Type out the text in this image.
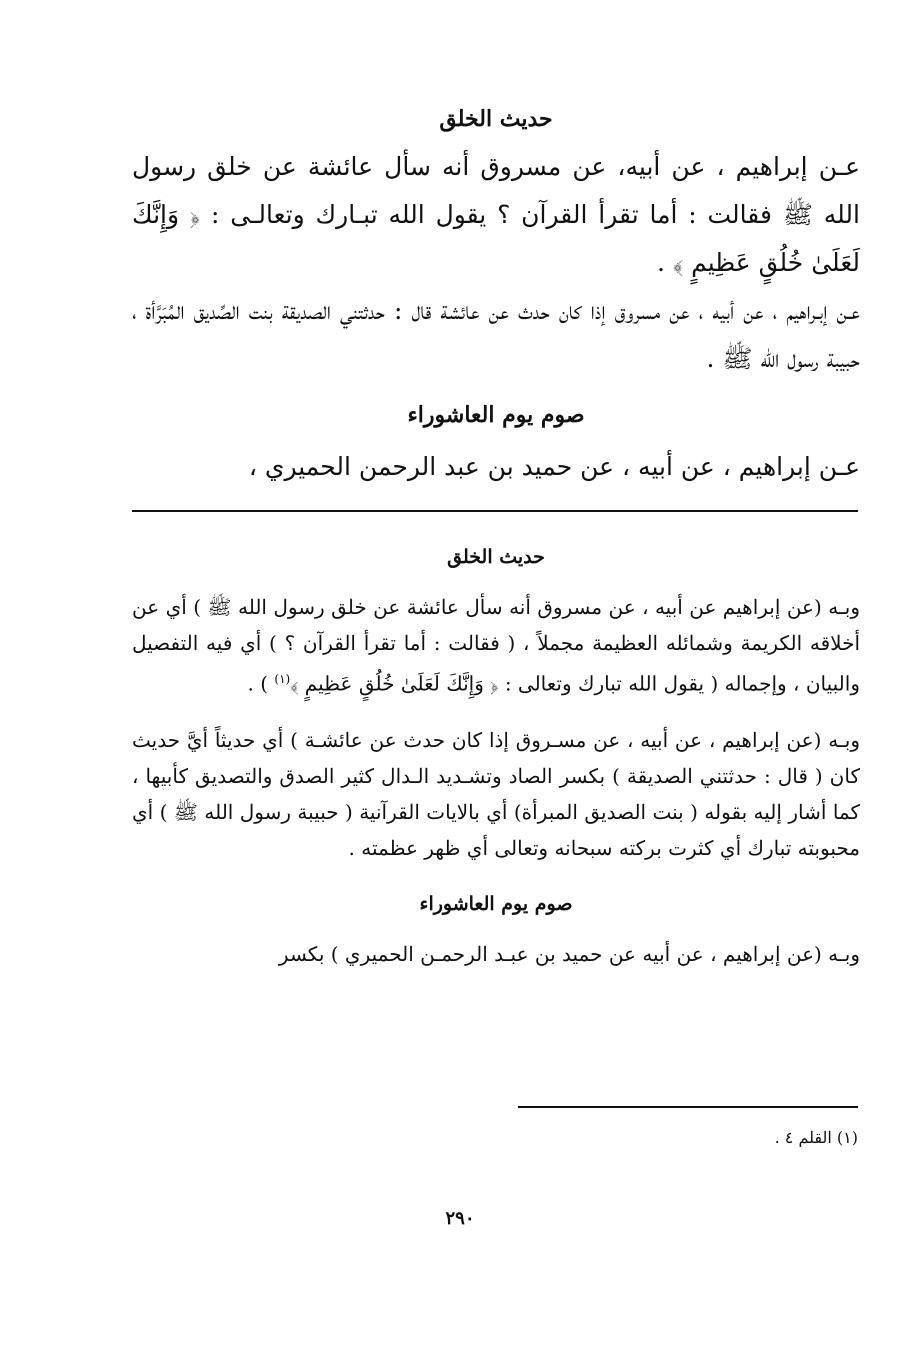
حديث الخلق

عـن إبراهيم ، عن أبيه، عن مسروق أنه سأل عائشة عن خلق رسول الله ﷺ فقالت : أما تقرأ القرآن ؟ يقول الله تبـارك وتعالـى : ﴿ وَإِنَّكَ لَعَلَىٰ خُلُقٍ عَظِيمٍ ﴾ .

عـن إبـراهيم ، عن أبيه ، عن مسروق إذا كان حدث عن عائشة قال : حدثتني الصديقة بنت الصِّديق المُبَرَّأة ، حبيبة رسول الله ﷺ .

صوم يوم العاشوراء

عـن إبراهيم ، عن أبيه ، عن حميد بن عبد الرحمن الحميري ،

حديث الخلق

وبـه (عن إبراهيم عن أبيه ، عن مسروق أنه سأل عائشة عن خلق رسول الله ﷺ ) أي عن أخلاقه الكريمة وشمائله العظيمة مجملاً ، ( فقالت : أما تقرأ القرآن ؟ ) أي فيه التفصيل والبيان ، وإجماله ( يقول الله تبارك وتعالى : ﴿ وَإِنَّكَ لَعَلَىٰ خُلُقٍ عَظِيمٍ ﴾$^{(١)}$ ) .

وبـه (عن إبراهيم ، عن أبيه ، عن مسـروق إذا كان حدث عن عائشـة ) أي حديثاً أيَّ حديث كان ( قال : حدثتني الصديقة ) بكسر الصاد وتشـديد الـدال كثير الصدق والتصديق كأبيها ، كما أشار إليه بقوله ( بنت الصديق المبرأة) أي بالايات القرآنية ( حبيبة رسول الله ﷺ ) أي محبوبته تبارك أي كثرت بركته سبحانه وتعالى أي ظهر عظمته .

صوم يوم العاشوراء

وبـه (عن إبراهيم ، عن أبيه عن حميد بن عبـد الرحمـن الحميري ) بكسر

(١) القلم ٤ .
٢٩٠
